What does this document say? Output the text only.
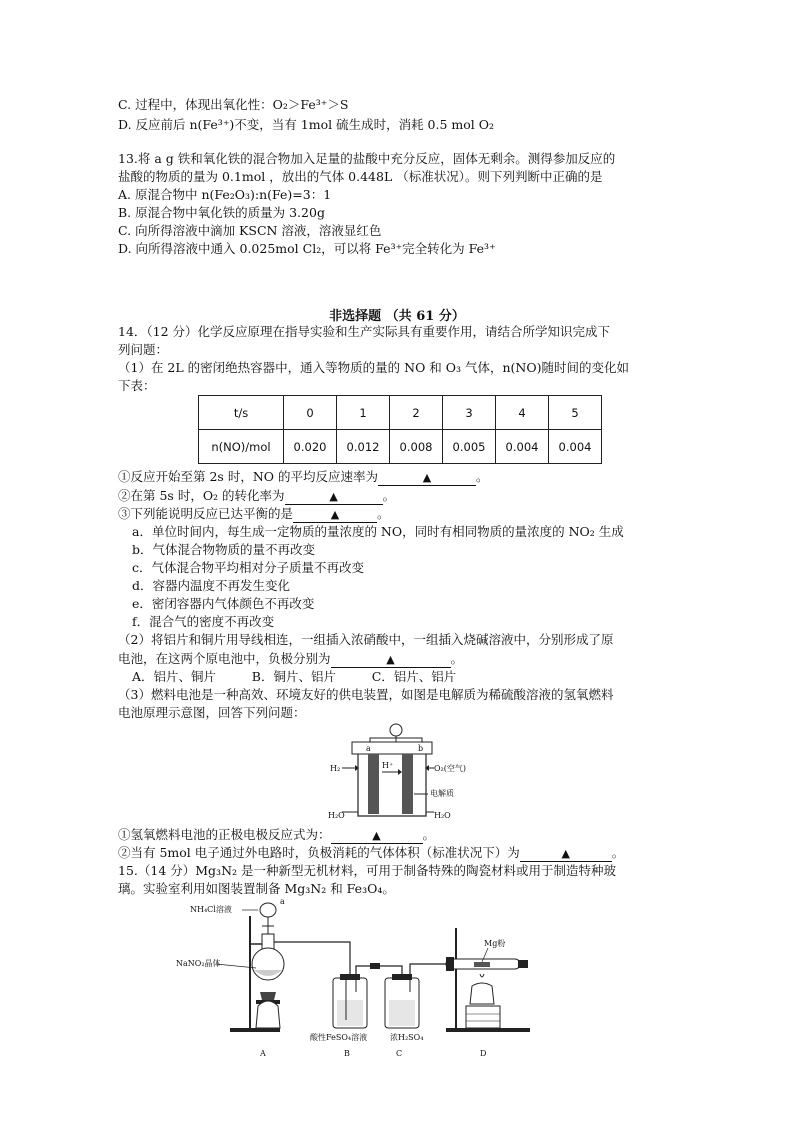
C. 过程中，体现出氧化性：O₂＞Fe³⁺＞S
D. 反应前后 n(Fe³⁺)不变，当有 1mol 硫生成时，消耗 0.5 mol O₂
13.将 a g 铁和氧化铁的混合物加入足量的盐酸中充分反应，固体无剩余。测得参加反应的
盐酸的物质的量为 0.1mol ，放出的气体 0.448L （标准状况）。则下列判断中正确的是
A. 原混合物中 n(Fe₂O₃):n(Fe)=3：1
B. 原混合物中氧化铁的质量为 3.20g
C. 向所得溶液中滴加 KSCN 溶液，溶液显红色
D. 向所得溶液中通入 0.025mol Cl₂，可以将 Fe³⁺完全转化为 Fe³⁺
非选择题 （共 61 分）
14．（12 分）化学反应原理在指导实验和生产实际具有重要作用，请结合所学知识完成下
列问题：
（1）在 2L 的密闭绝热容器中，通入等物质的量的 NO 和 O₃ 气体，n(NO)随时间的变化如
下表：
t/s	0	1	2	3	4	5
n(NO)/mol	0.020	0.012	0.008	0.005	0.004	0.004
①反应开始至第 2s 时，NO 的平均反应速率为	▲	。
②在第 5s 时，O₂ 的转化率为	▲	。
③下列能说明反应已达平衡的是	▲	。
a．单位时间内，每生成一定物质的量浓度的 NO，同时有相同物质的量浓度的 NO₂ 生成
b．气体混合物物质的量不再改变
c．气体混合物平均相对分子质量不再改变
d．容器内温度不再发生变化
e．密闭容器内气体颜色不再改变
f．混合气的密度不再改变
（2）将铝片和铜片用导线相连，一组插入浓硝酸中，一组插入烧碱溶液中，分别形成了原
电池，在这两个原电池中，负极分别为	▲	。
A．铝片、铜片         B．铜片、铝片         C．铝片、铝片
（3）燃料电池是一种高效、环境友好的供电装置，如图是电解质为稀硫酸溶液的氢氧燃料
电池原理示意图，回答下列问题：
a	b
H⁺
H₂	O₂(空气)
电解质
H₂O	H₂O
①氢氧燃料电池的正极电极反应式为：	▲	。
②当有 5mol 电子通过外电路时，负极消耗的气体体积（标准状况下）为	▲	。
15.（14 分）Mg₃N₂ 是一种新型无机材料，可用于制备特殊的陶瓷材料或用于制造特种玻
璃。实验室利用如图装置制备 Mg₃N₂ 和 Fe₃O₄。
NH₄Cl溶液
a
NaNO₂晶体
A
酸性FeSO₄溶液
B
浓H₂SO₄
C
Mg粉
D
